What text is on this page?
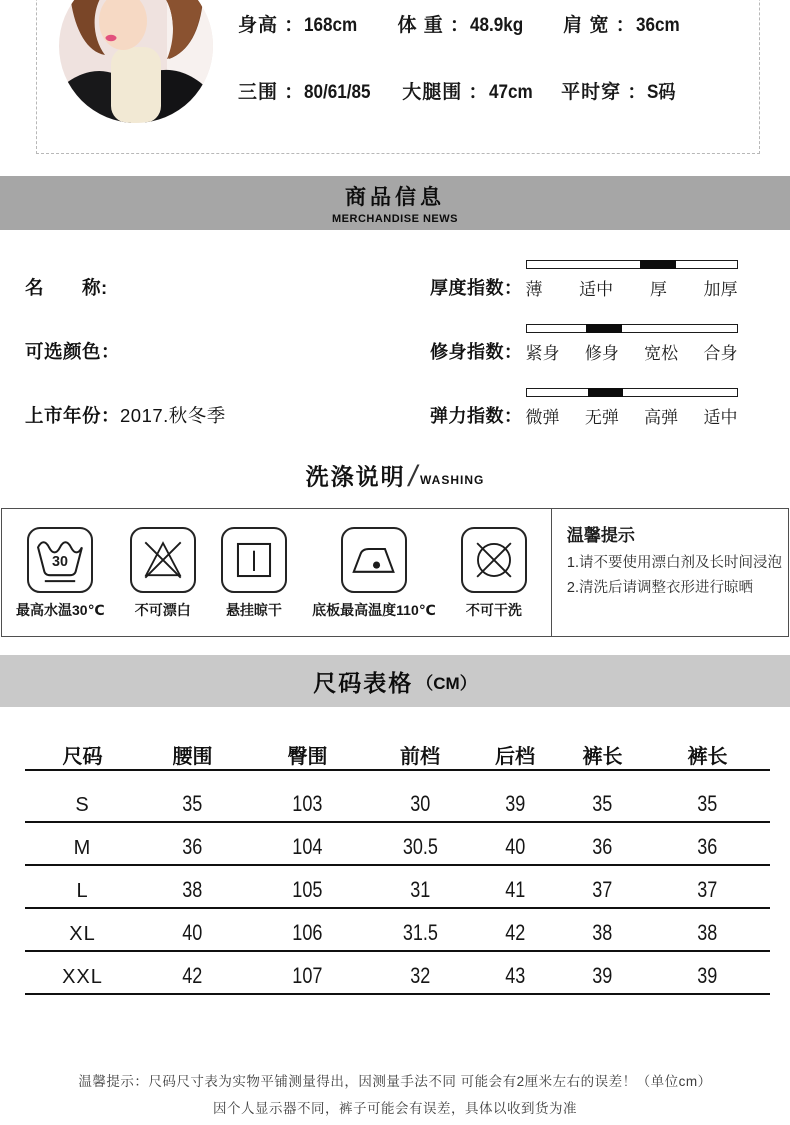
身高 ：168cm	体 重 ：48.9kg	肩 宽 ：36cm
三围 ：80/61/85	大腿围 ：47cm 平时穿 ：S码
商品信息
MERCHANDISE NEWS
名　　称:	厚度指数： 薄 适中 厚 加厚
可选颜色：	修身指数： 紧身 修身 宽松 合身
上市年份：2017.秋冬季	弹力指数： 微弹 无弹 高弹 适中
洗涤说明 / $_{WASHING}$
30
最高水温30℃ 不可漂白	悬挂晾干 底板最高温度110℃ 不可干洗
温馨提示
1.请不要使用漂白剂及长时间浸泡
2.清洗后请调整衣形进行晾晒
尺码表格 （CM）
尺码	腰围	臀围	前档	后档	裤长	裤长
S	35	103	30	39	35	35
M	36	104	30.5	40	36	36
L	38	105	31	41	37	37
XL	40	106	31.5	42	38	38
XXL	42	107	32	43	39	39
温馨提示：尺码尺寸表为实物平铺测量得出，因测量手法不同 可能会有2厘米左右的误差！（单位cm）
因个人显示器不同，裤子可能会有误差，具体以收到货为准
